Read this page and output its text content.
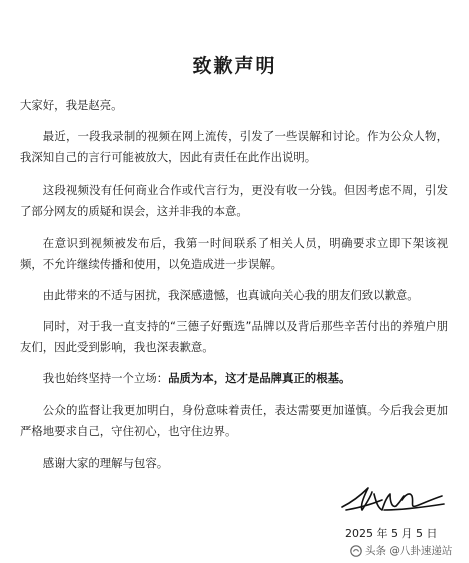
致歉声明

大家好，我是赵亮。

最近，一段我录制的视频在网上流传，引发了一些误解和讨论。作为公众人物，我深知自己的言行可能被放大，因此有责任在此作出说明。

这段视频没有任何商业合作或代言行为，更没有收一分钱。但因考虑不周，引发了部分网友的质疑和误会，这并非我的本意。

在意识到视频被发布后，我第一时间联系了相关人员，明确要求立即下架该视频，不允许继续传播和使用，以免造成进一步误解。

由此带来的不适与困扰，我深感遗憾，也真诚向关心我的朋友们致以歉意。

同时，对于我一直支持的“三德子好甄选”品牌以及背后那些辛苦付出的养殖户朋友们，因此受到影响，我也深表歉意。

我也始终坚持一个立场：品质为本，这才是品牌真正的根基。

公众的监督让我更加明白，身份意味着责任，表达需要更加谨慎。今后我会更加严格地要求自己，守住初心，也守住边界。

感谢大家的理解与包容。

2025 年 5 月 5 日
头条 @八卦速递站
